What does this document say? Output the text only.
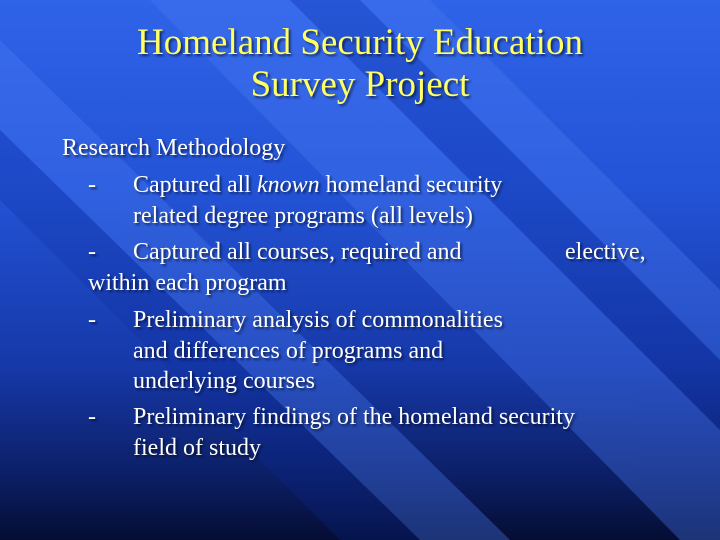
Homeland Security Education
Survey Project
Research Methodology
- Captured all known homeland security
related degree programs (all levels)
- Captured all courses, required and	elective,
within each program
- Preliminary analysis of commonalities
and differences of programs and
underlying courses
- Preliminary findings of the homeland security
field of study
